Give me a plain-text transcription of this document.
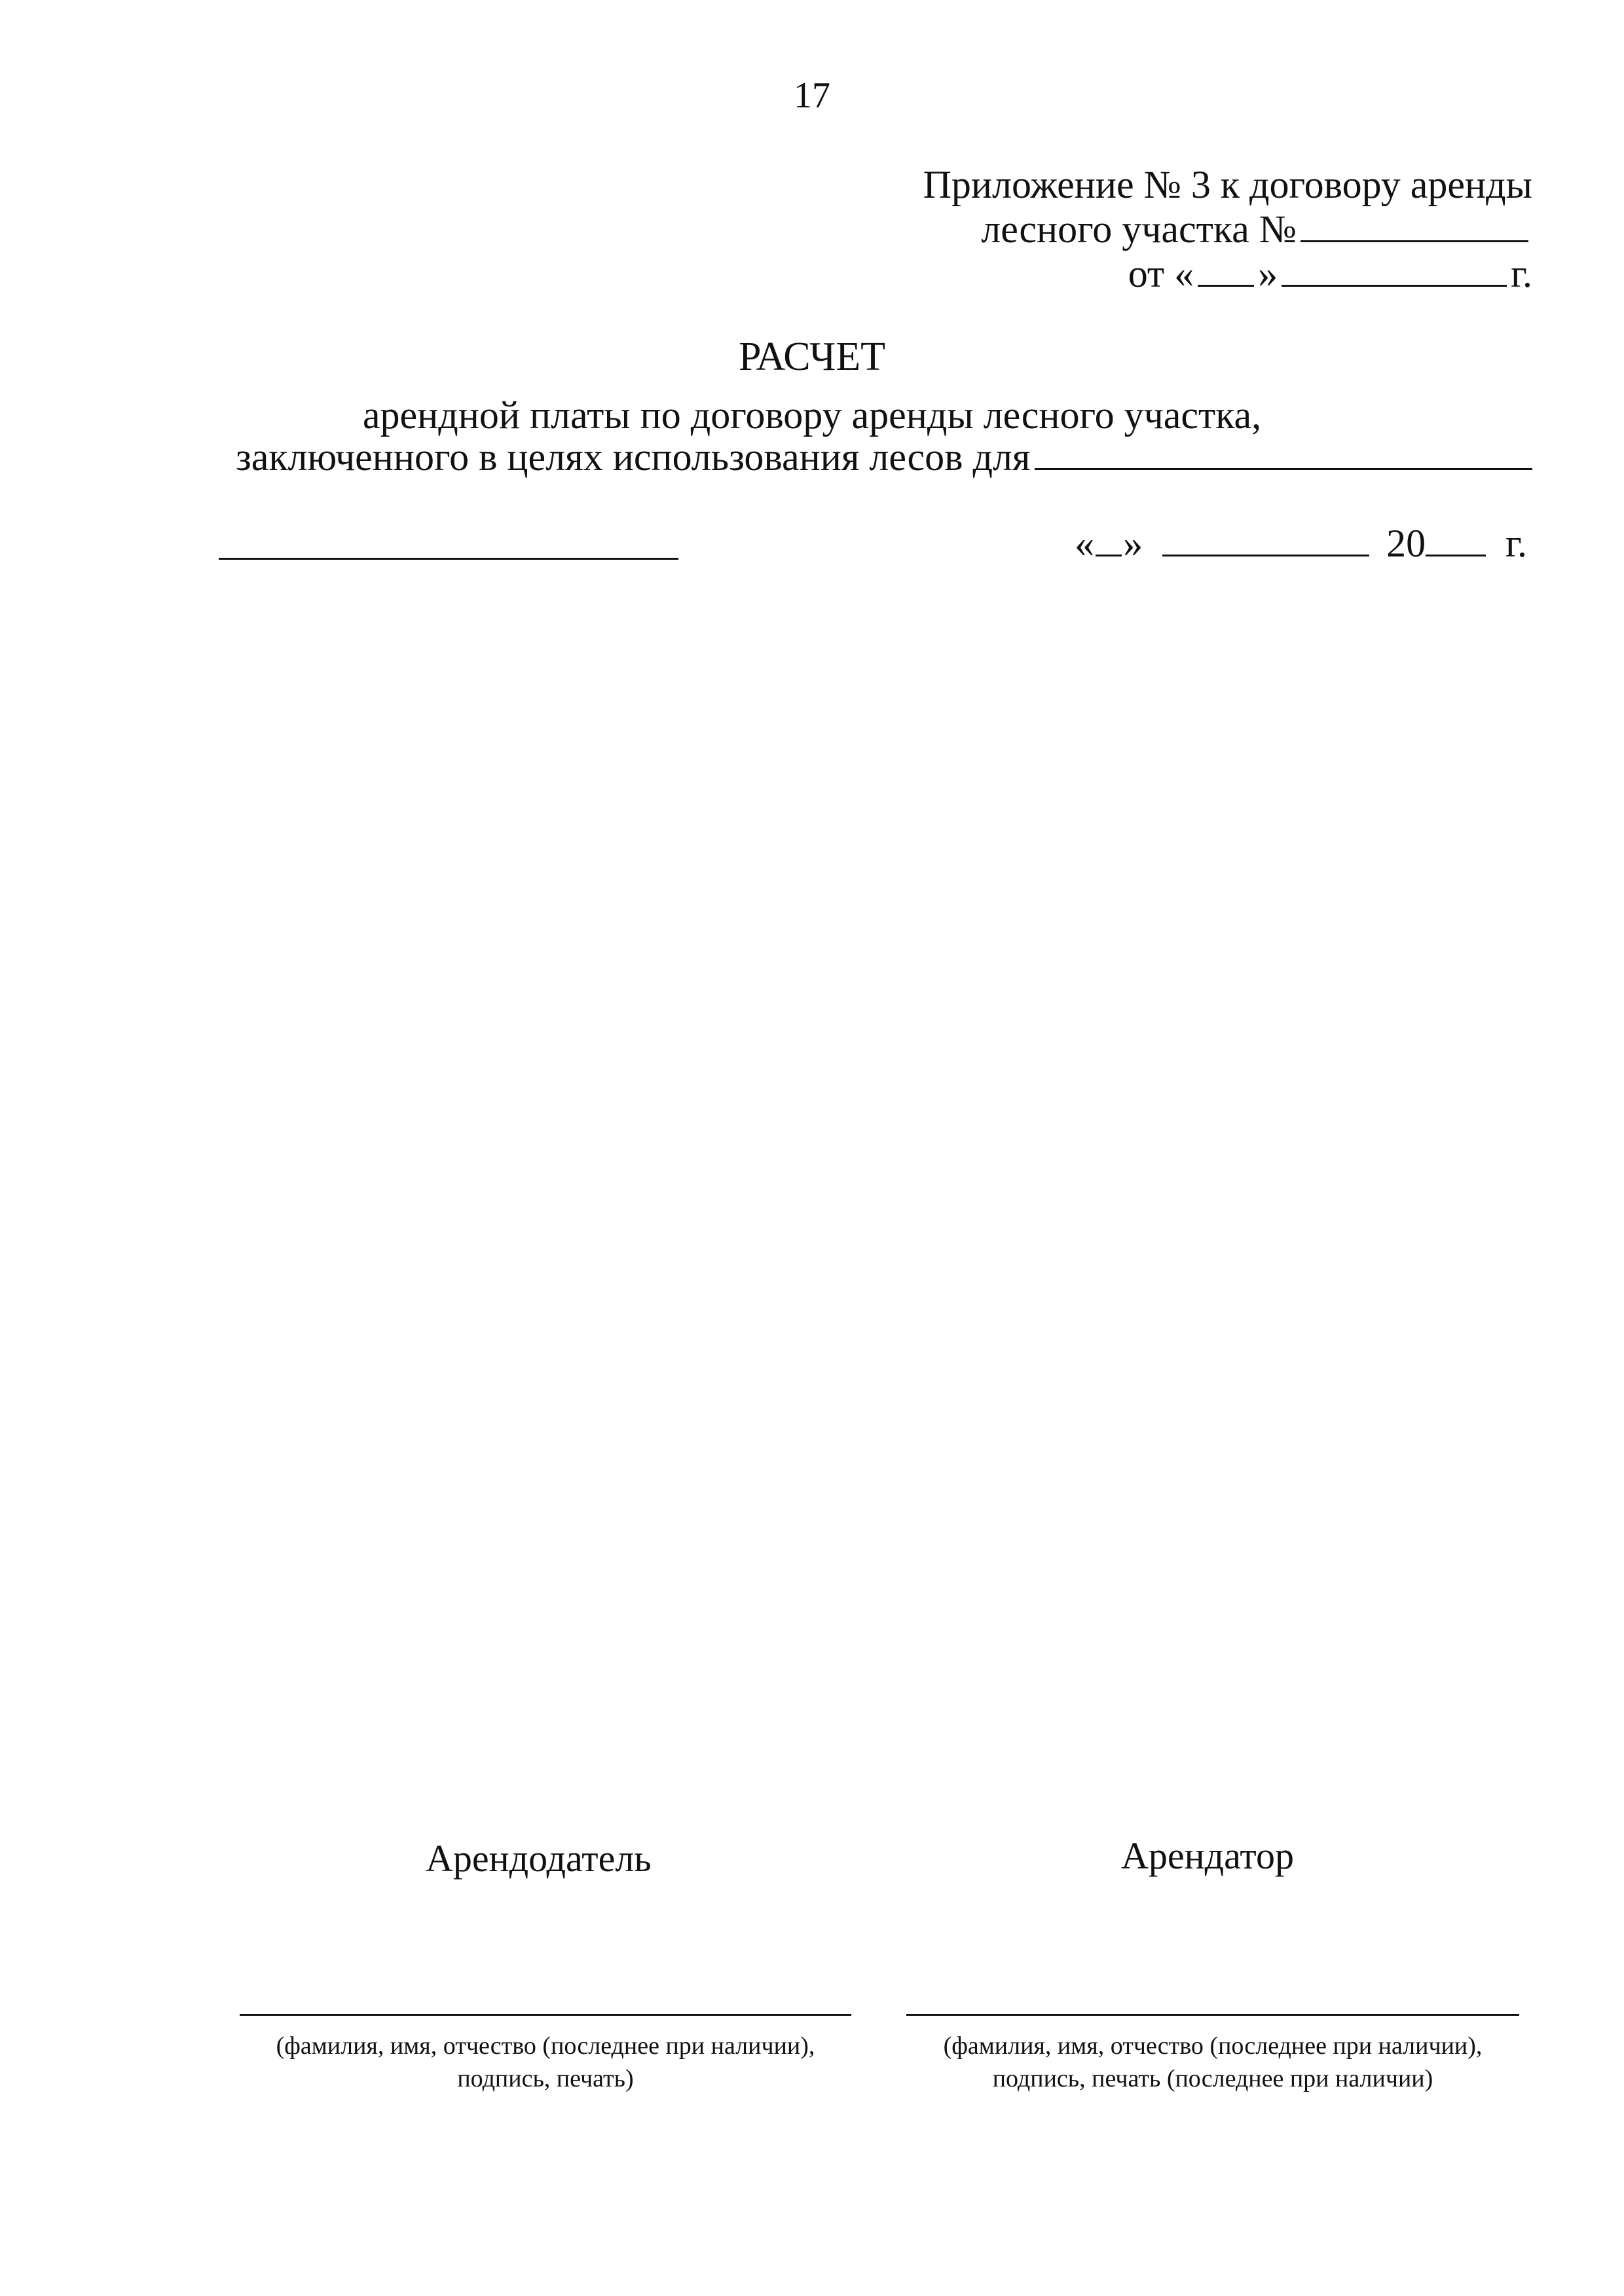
17
Приложение № 3 к договору аренды
лесного участка №
от « »	г.
РАСЧЕТ
арендной платы по договору аренды лесного участка,
заключенного в целях использования лесов для
« »	20 г.
Арендодатель	Арендатор
(фамилия, имя, отчество (последнее при наличии),
подпись, печать)
(фамилия, имя, отчество (последнее при наличии),
подпись, печать (последнее при наличии)
